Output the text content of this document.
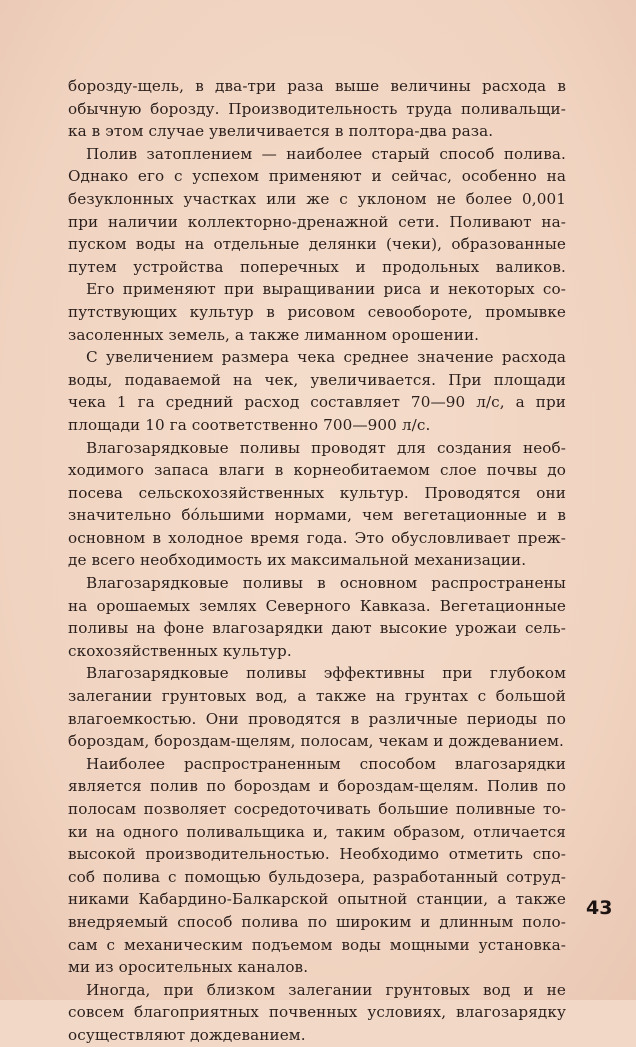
борозду-щель, в два-три раза выше величины расхода в
обычную борозду. Производительность труда поливальщи-
ка в этом случае увеличивается в полтора-два раза.
Полив затоплением — наиболее старый способ полива.
Однако его с успехом применяют и сейчас, особенно на
безуклонных участках или же с уклоном не более 0,001
при наличии коллекторно-дренажной сети. Поливают на-
пуском воды на отдельные делянки (чеки), образованные
путем устройства поперечных и продольных валиков.
Его применяют при выращивании риса и некоторых со-
путствующих культур в рисовом севообороте, промывке
засоленных земель, а также лиманном орошении.
С увеличением размера чека среднее значение расхода
воды, подаваемой на чек, увеличивается. При площади
чека 1 га средний расход составляет 70—90 л/с, а при
площади 10 га соответственно 700—900 л/с.
Влагозарядковые поливы проводят для создания необ-
ходимого запаса влаги в корнеобитаемом слое почвы до
посева сельскохозяйственных культур. Проводятся они
значительно бо́льшими нормами, чем вегетационные и в
основном в холодное время года. Это обусловливает преж-
де всего необходимость их максимальной механизации.
Влагозарядковые поливы в основном распространены
на орошаемых землях Северного Кавказа. Вегетационные
поливы на фоне влагозарядки дают высокие урожаи сель-
скохозяйственных культур.
Влагозарядковые поливы эффективны при глубоком
залегании грунтовых вод, а также на грунтах с большой
влагоемкостью. Они проводятся в различные периоды по
бороздам, бороздам-щелям, полосам, чекам и дождеванием.
Наиболее распространенным способом влагозарядки
является полив по бороздам и бороздам-щелям. Полив по
полосам позволяет сосредоточивать большие поливные то-
ки на одного поливальщика и, таким образом, отличается
высокой производительностью. Необходимо отметить спо-
соб полива с помощью бульдозера, разработанный сотруд-
никами Кабардино-Балкарской опытной станции, а также
внедряемый способ полива по широким и длинным поло-
сам с механическим подъемом воды мощными установка-
ми из оросительных каналов.
Иногда, при близком залегании грунтовых вод и не
совсем благоприятных почвенных условиях, влагозарядку
осуществляют дождеванием.
43
